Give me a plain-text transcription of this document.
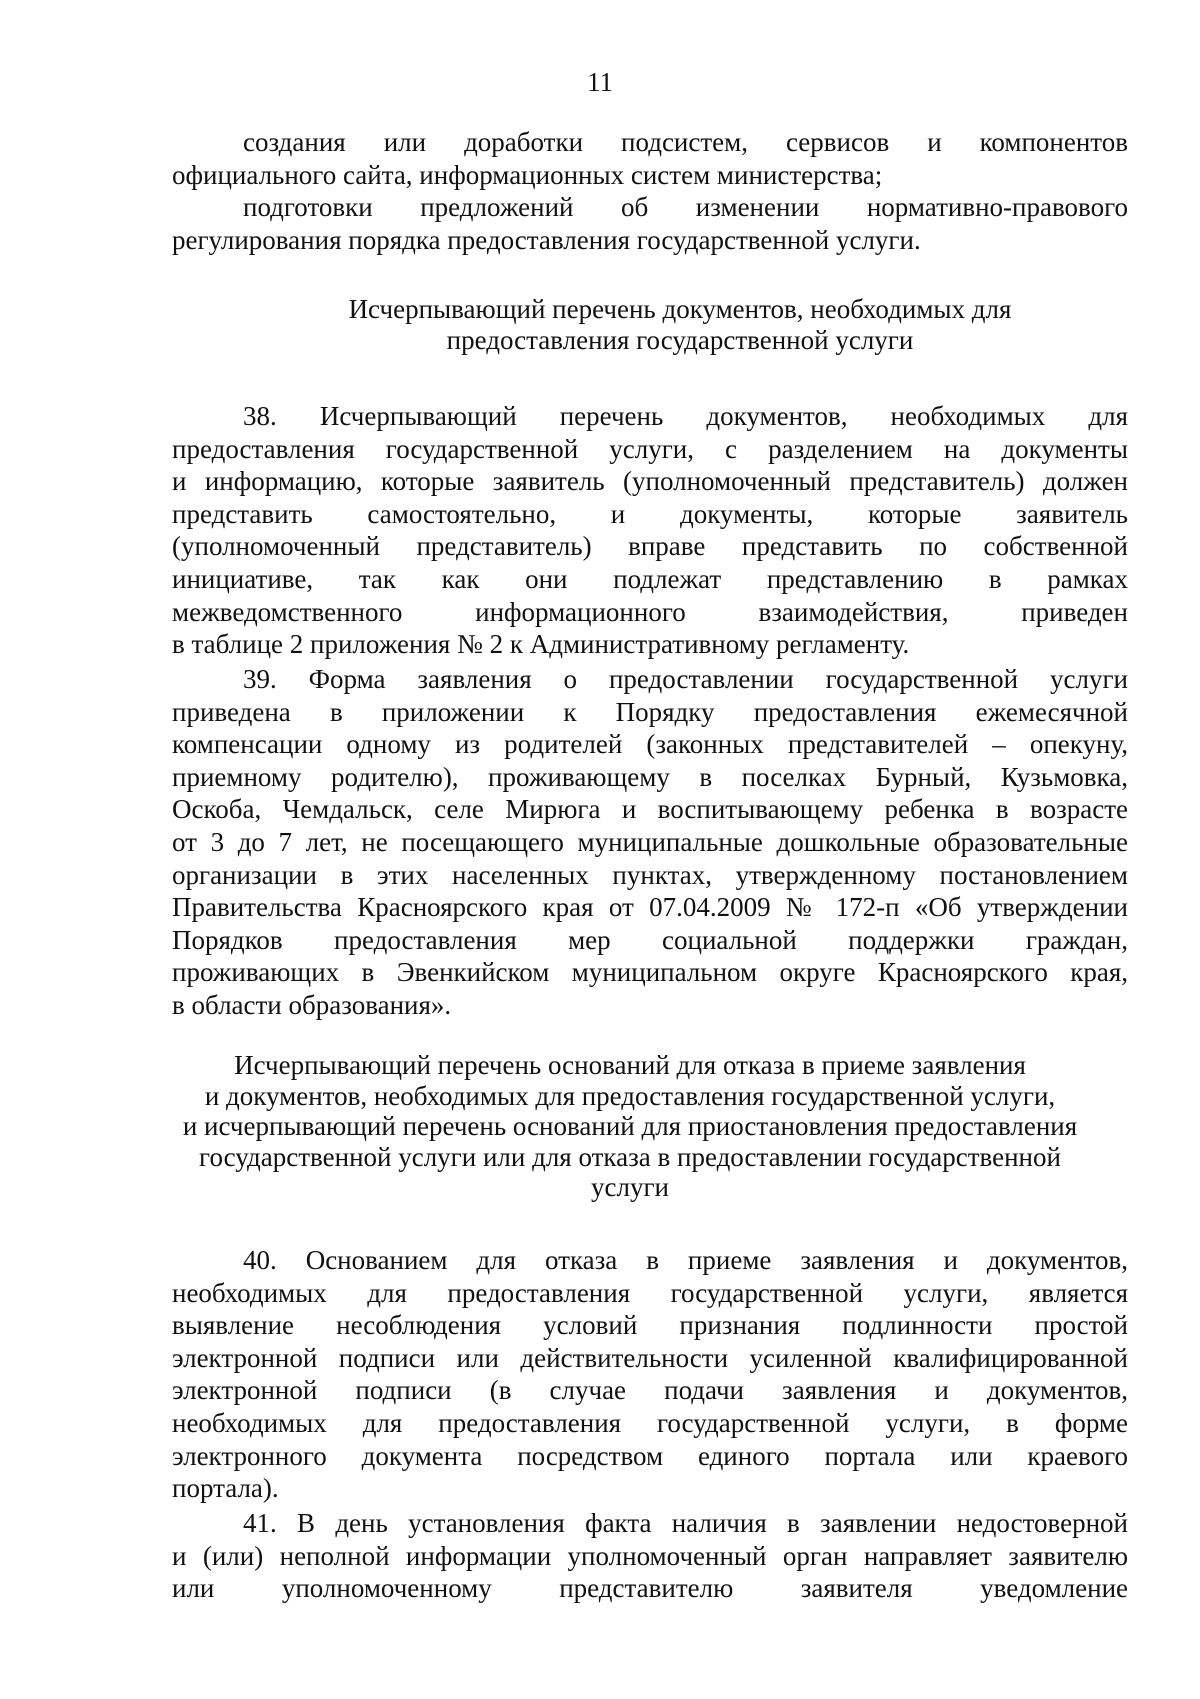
11
создания или доработки подсистем, сервисов и компонентов
официального сайта, информационных систем министерства;
подготовки предложений об изменении нормативно-правового
регулирования порядка предоставления государственной услуги.
Исчерпывающий перечень документов, необходимых для
предоставления государственной услуги
38. Исчерпывающий перечень документов, необходимых для
предоставления государственной услуги, с разделением на документы
и информацию, которые заявитель (уполномоченный представитель) должен
представить самостоятельно, и документы, которые заявитель
(уполномоченный представитель) вправе представить по собственной
инициативе, так как они подлежат представлению в рамках
межведомственного информационного взаимодействия, приведен
в таблице 2 приложения № 2 к Административному регламенту.
39. Форма заявления о предоставлении государственной услуги
приведена в приложении к Порядку предоставления ежемесячной
компенсации одному из родителей (законных представителей – опекуну,
приемному родителю), проживающему в поселках Бурный, Кузьмовка,
Оскоба, Чемдальск, селе Мирюга и воспитывающему ребенка в возрасте
от 3 до 7 лет, не посещающего муниципальные дошкольные образовательные
организации в этих населенных пунктах, утвержденному постановлением
Правительства Красноярского края от 07.04.2009 № 172-п «Об утверждении
Порядков предоставления мер социальной поддержки граждан,
проживающих в Эвенкийском муниципальном округе Красноярского края,
в области образования».
Исчерпывающий перечень оснований для отказа в приеме заявления
и документов, необходимых для предоставления государственной услуги,
и исчерпывающий перечень оснований для приостановления предоставления
государственной услуги или для отказа в предоставлении государственной
услуги
40. Основанием для отказа в приеме заявления и документов,
необходимых для предоставления государственной услуги, является
выявление несоблюдения условий признания подлинности простой
электронной подписи или действительности усиленной квалифицированной
электронной подписи (в случае подачи заявления и документов,
необходимых для предоставления государственной услуги, в форме
электронного документа посредством единого портала или краевого
портала).
41. В день установления факта наличия в заявлении недостоверной
и (или) неполной информации уполномоченный орган направляет заявителю
или уполномоченному представителю заявителя уведомление
